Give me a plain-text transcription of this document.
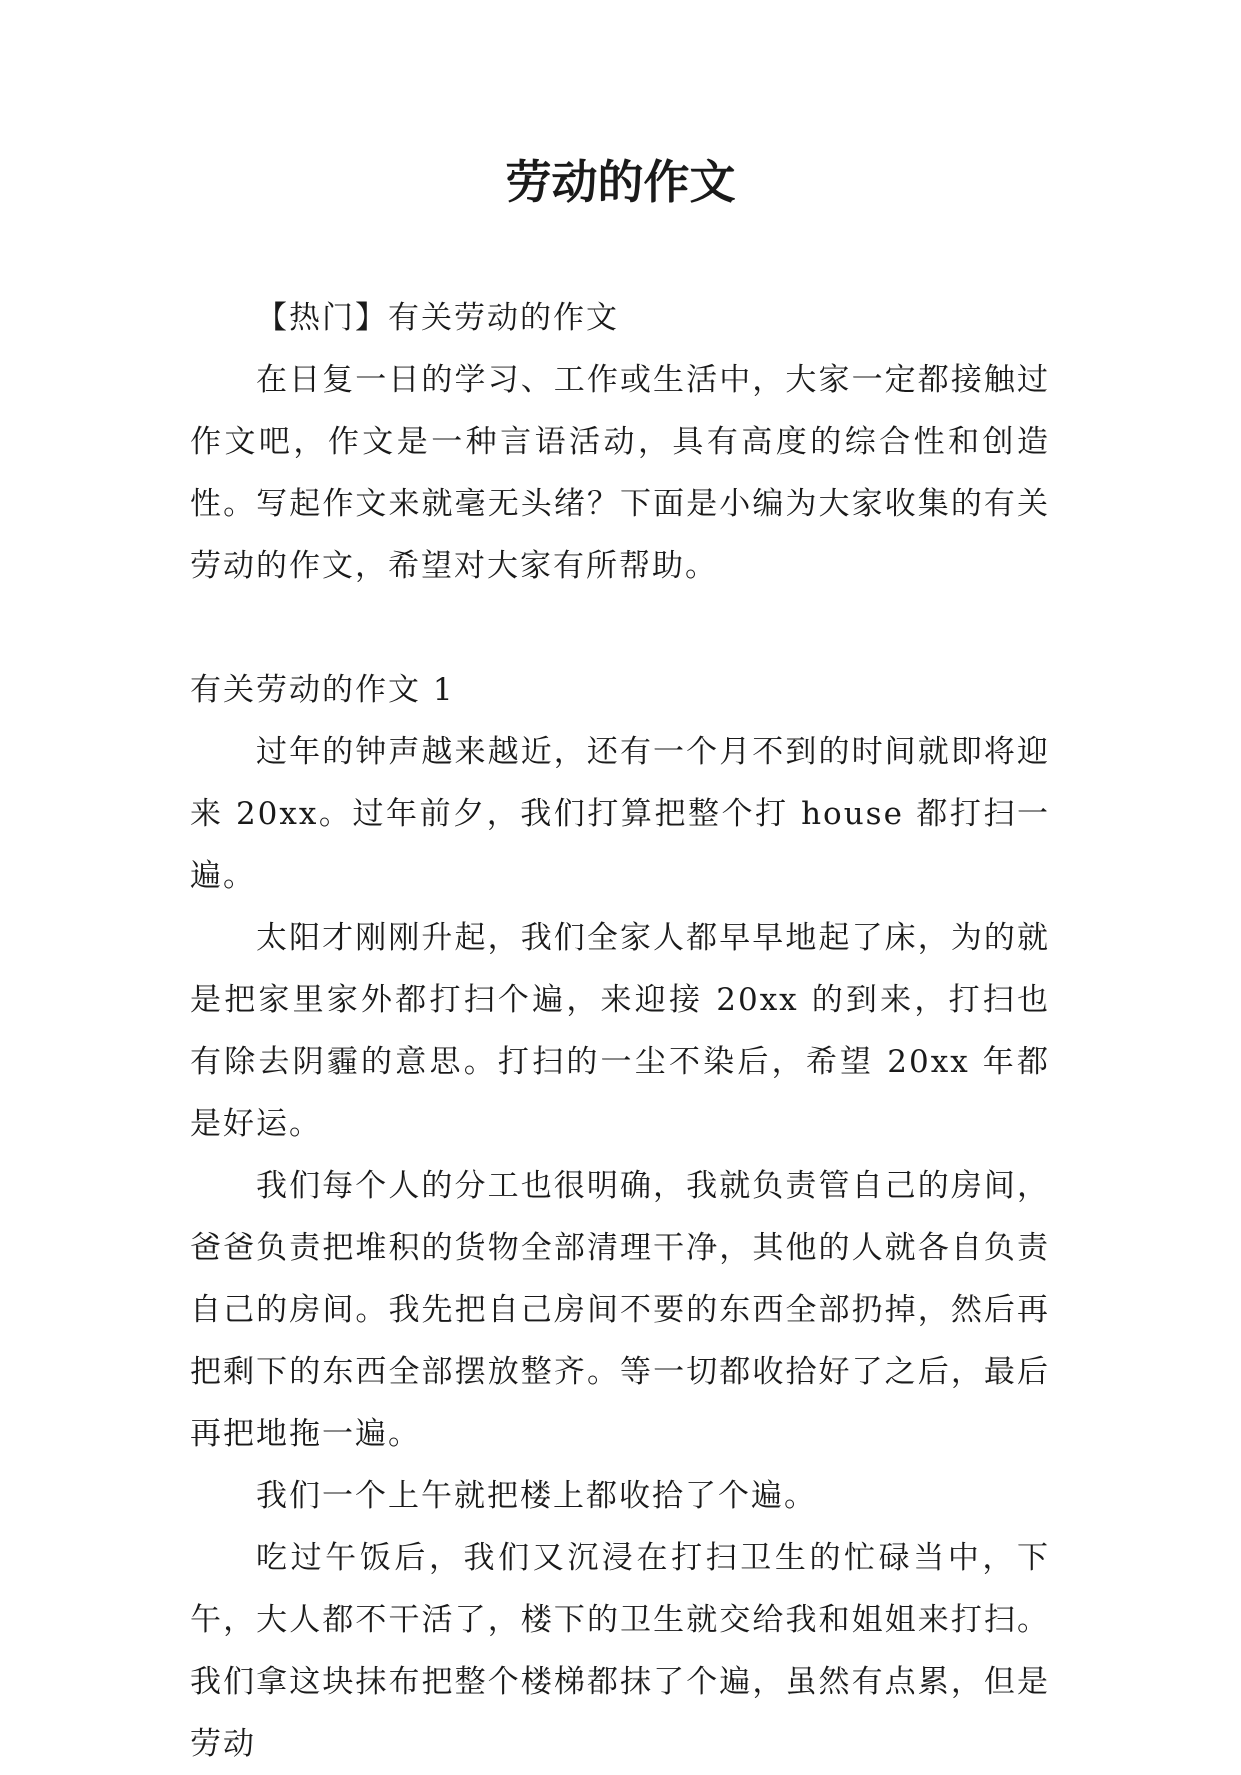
劳动的作文

【热门】有关劳动的作文

在日复一日的学习、工作或生活中，大家一定都接触过作文吧，作文是一种言语活动，具有高度的综合性和创造性。写起作文来就毫无头绪？下面是小编为大家收集的有关劳动的作文，希望对大家有所帮助。

有关劳动的作文 1

过年的钟声越来越近，还有一个月不到的时间就即将迎来 20xx。过年前夕，我们打算把整个打 house 都打扫一遍。

太阳才刚刚升起，我们全家人都早早地起了床，为的就是把家里家外都打扫个遍，来迎接 20xx 的到来，打扫也有除去阴霾的意思。打扫的一尘不染后，希望 20xx 年都是好运。

我们每个人的分工也很明确，我就负责管自己的房间，爸爸负责把堆积的货物全部清理干净，其他的人就各自负责自己的房间。我先把自己房间不要的东西全部扔掉，然后再把剩下的东西全部摆放整齐。等一切都收拾好了之后，最后再把地拖一遍。

我们一个上午就把楼上都收拾了个遍。

吃过午饭后，我们又沉浸在打扫卫生的忙碌当中，下午，大人都不干活了，楼下的卫生就交给我和姐姐来打扫。我们拿这块抹布把整个楼梯都抹了个遍，虽然有点累，但是劳动
